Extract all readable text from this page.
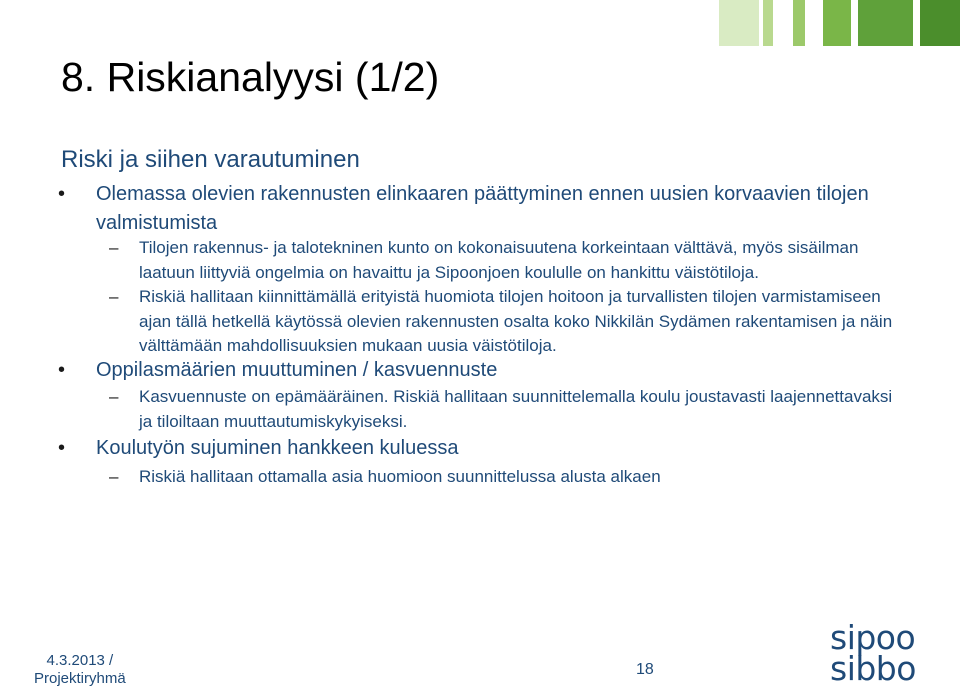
8. Riskianalyysi (1/2)
Riski ja siihen varautuminen
• Olemassa olevien rakennusten elinkaaren päättyminen ennen uusien korvaavien tilojen valmistumista
– Tilojen rakennus- ja talotekninen kunto on kokonaisuutena korkeintaan välttävä, myös sisäilman laatuun liittyviä ongelmia on havaittu ja Sipoonjoen koululle on hankittu väistötiloja.
– Riskiä hallitaan kiinnittämällä erityistä huomiota tilojen hoitoon ja turvallisten tilojen varmistamiseen ajan tällä hetkellä käytössä olevien rakennusten osalta koko Nikkilän Sydämen rakentamisen ja näin välttämään mahdollisuuksien mukaan uusia väistötiloja.
• Oppilasmäärien muuttuminen / kasvuennuste
– Kasvuennuste on epämääräinen. Riskiä hallitaan suunnittelemalla koulu joustavasti laajennettavaksi ja tiloiltaan muuttautumiskykyiseksi.
• Koulutyön sujuminen hankkeen kuluessa
– Riskiä hallitaan ottamalla asia huomioon suunnittelussa alusta alkaen
4.3.2013 /
Projektiryhmä
18
sipoo
sibbo
